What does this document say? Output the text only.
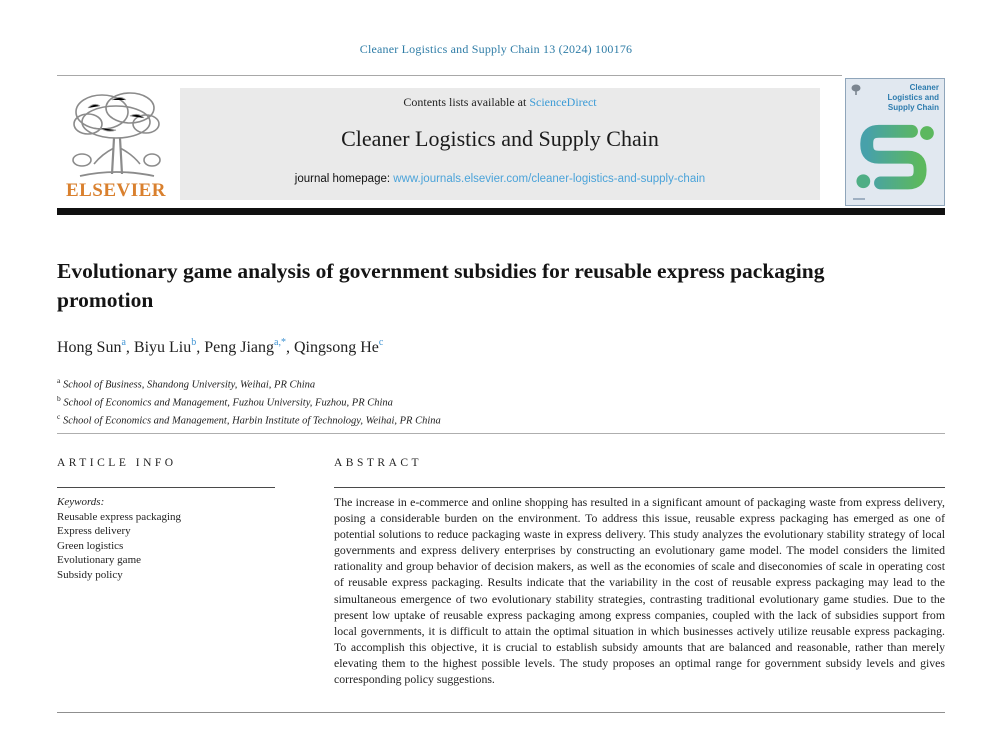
Cleaner Logistics and Supply Chain 13 (2024) 100176
ELSEVIER
Contents lists available at ScienceDirect
Cleaner Logistics and Supply Chain
journal homepage: www.journals.elsevier.com/cleaner-logistics-and-supply-chain
Cleaner
Logistics and
Supply Chain
Evolutionary game analysis of government subsidies for reusable express packaging promotion
Hong Sun$^a$, Biyu Liu$^b$, Peng Jiang$^{a,*}$, Qingsong He$^c$
$^a$ School of Business, Shandong University, Weihai, PR China
$^b$ School of Economics and Management, Fuzhou University, Fuzhou, PR China
$^c$ School of Economics and Management, Harbin Institute of Technology, Weihai, PR China
ARTICLE INFO	ABSTRACT
Keywords:
Reusable express packaging
Express delivery
Green logistics
Evolutionary game
Subsidy policy
The increase in e-commerce and online shopping has resulted in a significant amount of packaging waste from express delivery, posing a considerable burden on the environment. To address this issue, reusable express packaging has emerged as one of potential solutions to reduce packaging waste in express delivery. This study analyzes the evolutionary stability strategy of local governments and express delivery enterprises by constructing an evolutionary game model. The model considers the limited rationality and group behavior of decision makers, as well as the economies of scale and diseconomies of scale in operating cost of reusable express packaging. Results indicate that the variability in the cost of reusable express packaging may lead to the simultaneous emergence of two evolutionary stability strategies, contrasting traditional evolutionary game studies. Due to the present low uptake of reusable express packaging among express companies, coupled with the lack of subsidies support from local governments, it is difficult to attain the optimal situation in which businesses actively utilize reusable express packaging. To accomplish this objective, it is crucial to establish subsidy amounts that are balanced and reasonable, rather than merely elevating them to the highest possible levels. The study proposes an optimal range for government subsidy levels and gives corresponding policy suggestions.
